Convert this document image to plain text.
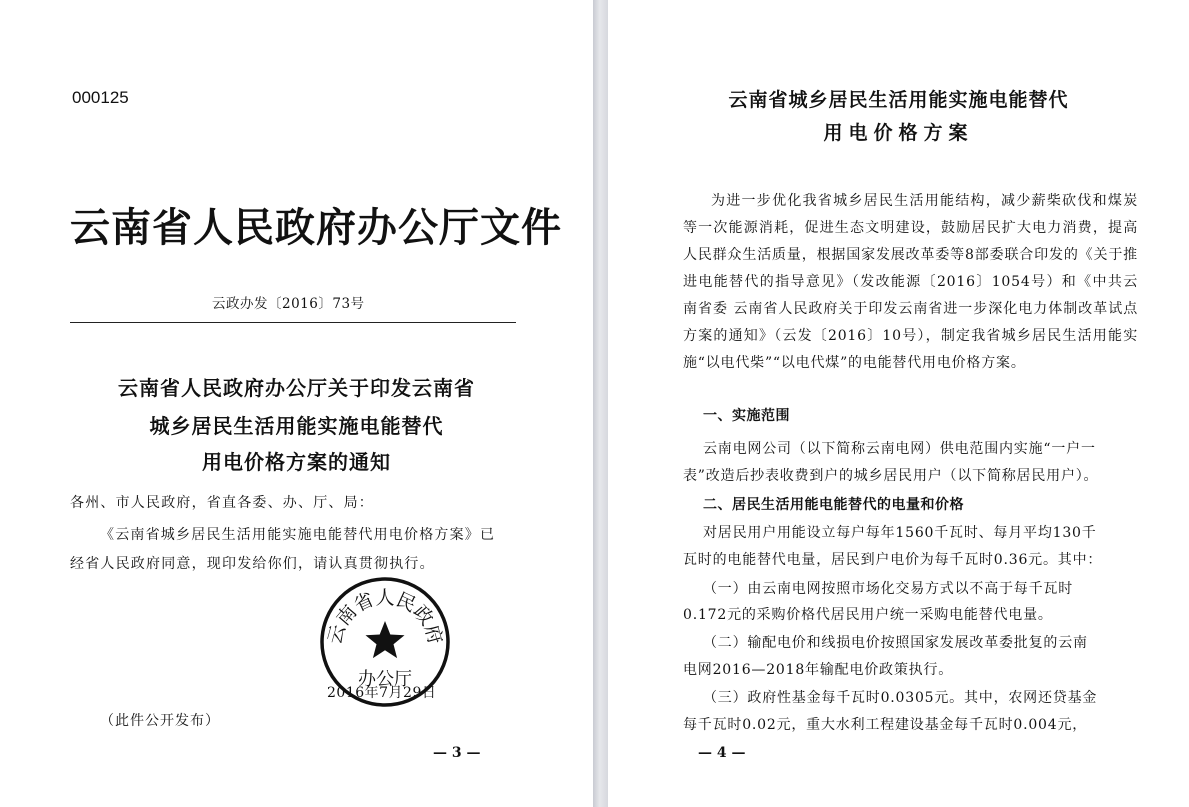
000125
云南省人民政府办公厅文件
云政办发〔2016〕73号
云南省人民政府办公厅关于印发云南省
城乡居民生活用能实施电能替代
用电价格方案的通知
各州、市人民政府，省直各委、办、厅、局：
《云南省城乡居民生活用能实施电能替代用电价格方案》已
经省人民政府同意，现印发给你们，请认真贯彻执行。
云南省人民政府
办公厅
2016年7月29日
（此件公开发布）
— 3 —
云南省城乡居民生活用能实施电能替代
用电价格方案
为进一步优化我省城乡居民生活用能结构，减少薪柴砍伐和煤炭等一次能源消耗，促进生态文明建设，鼓励居民扩大电力消费，提高人民群众生活质量，根据国家发展改革委等8部委联合印发的《关于推进电能替代的指导意见》（发改能源〔2016〕1054号）和《中共云南省委 云南省人民政府关于印发云南省进一步深化电力体制改革试点方案的通知》（云发〔2016〕10号），制定我省城乡居民生活用能实施“以电代柴”“以电代煤”的电能替代用电价格方案。
一、实施范围
云南电网公司（以下简称云南电网）供电范围内实施“一户一
表”改造后抄表收费到户的城乡居民用户（以下简称居民用户）。
二、居民生活用能电能替代的电量和价格
对居民用户用能设立每户每年1560千瓦时、每月平均130千
瓦时的电能替代电量，居民到户电价为每千瓦时0.36元。其中：
（一）由云南电网按照市场化交易方式以不高于每千瓦时
0.172元的采购价格代居民用户统一采购电能替代电量。
（二）输配电价和线损电价按照国家发展改革委批复的云南
电网2016—2018年输配电价政策执行。
（三）政府性基金每千瓦时0.0305元。其中，农网还贷基金
每千瓦时0.02元，重大水利工程建设基金每千瓦时0.004元，
— 4 —
